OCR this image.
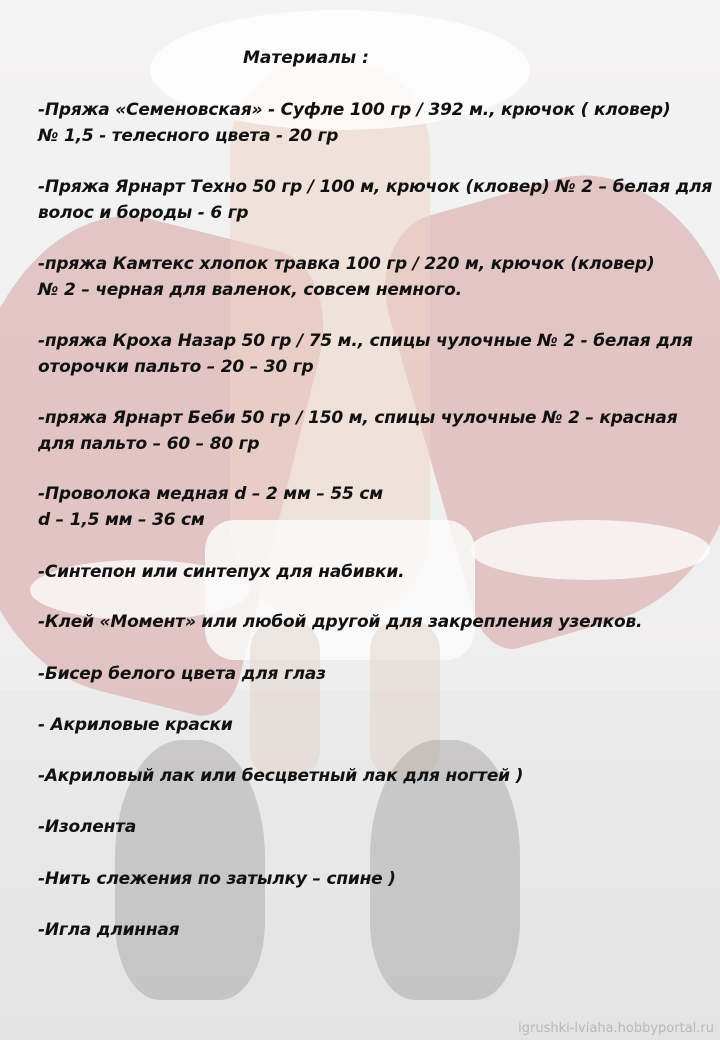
Материалы :
-Пряжа «Семеновская» - Суфле 100 гр / 392 м., крючок ( кловер)
№ 1,5 - телесного цвета - 20 гр
-Пряжа Ярнарт Техно 50 гр / 100 м, крючок (кловер) № 2 – белая для
волос и бороды - 6 гр
-пряжа Камтекс хлопок травка 100 гр / 220 м, крючок (кловер)
№ 2 – черная для валенок, совсем немного.
-пряжа Кроха Назар 50 гр / 75 м., спицы чулочные № 2 - белая для
оторочки пальто – 20 – 30 гр
-пряжа Ярнарт Беби 50 гр / 150 м, спицы чулочные № 2 – красная
для пальто – 60 – 80 гр
-Проволока медная d – 2 мм – 55 см
d – 1,5 мм – 36 см
-Синтепон или синтепух для набивки.
-Клей «Момент» или любой другой для закрепления узелков.
-Бисер белого цвета для глаз
- Акриловые краски
-Акриловый лак или бесцветный лак для ногтей )
-Изолента
-Нить слежения по затылку – спине )
-Игла длинная
igrushki-lviaha.hobbyportal.ru
